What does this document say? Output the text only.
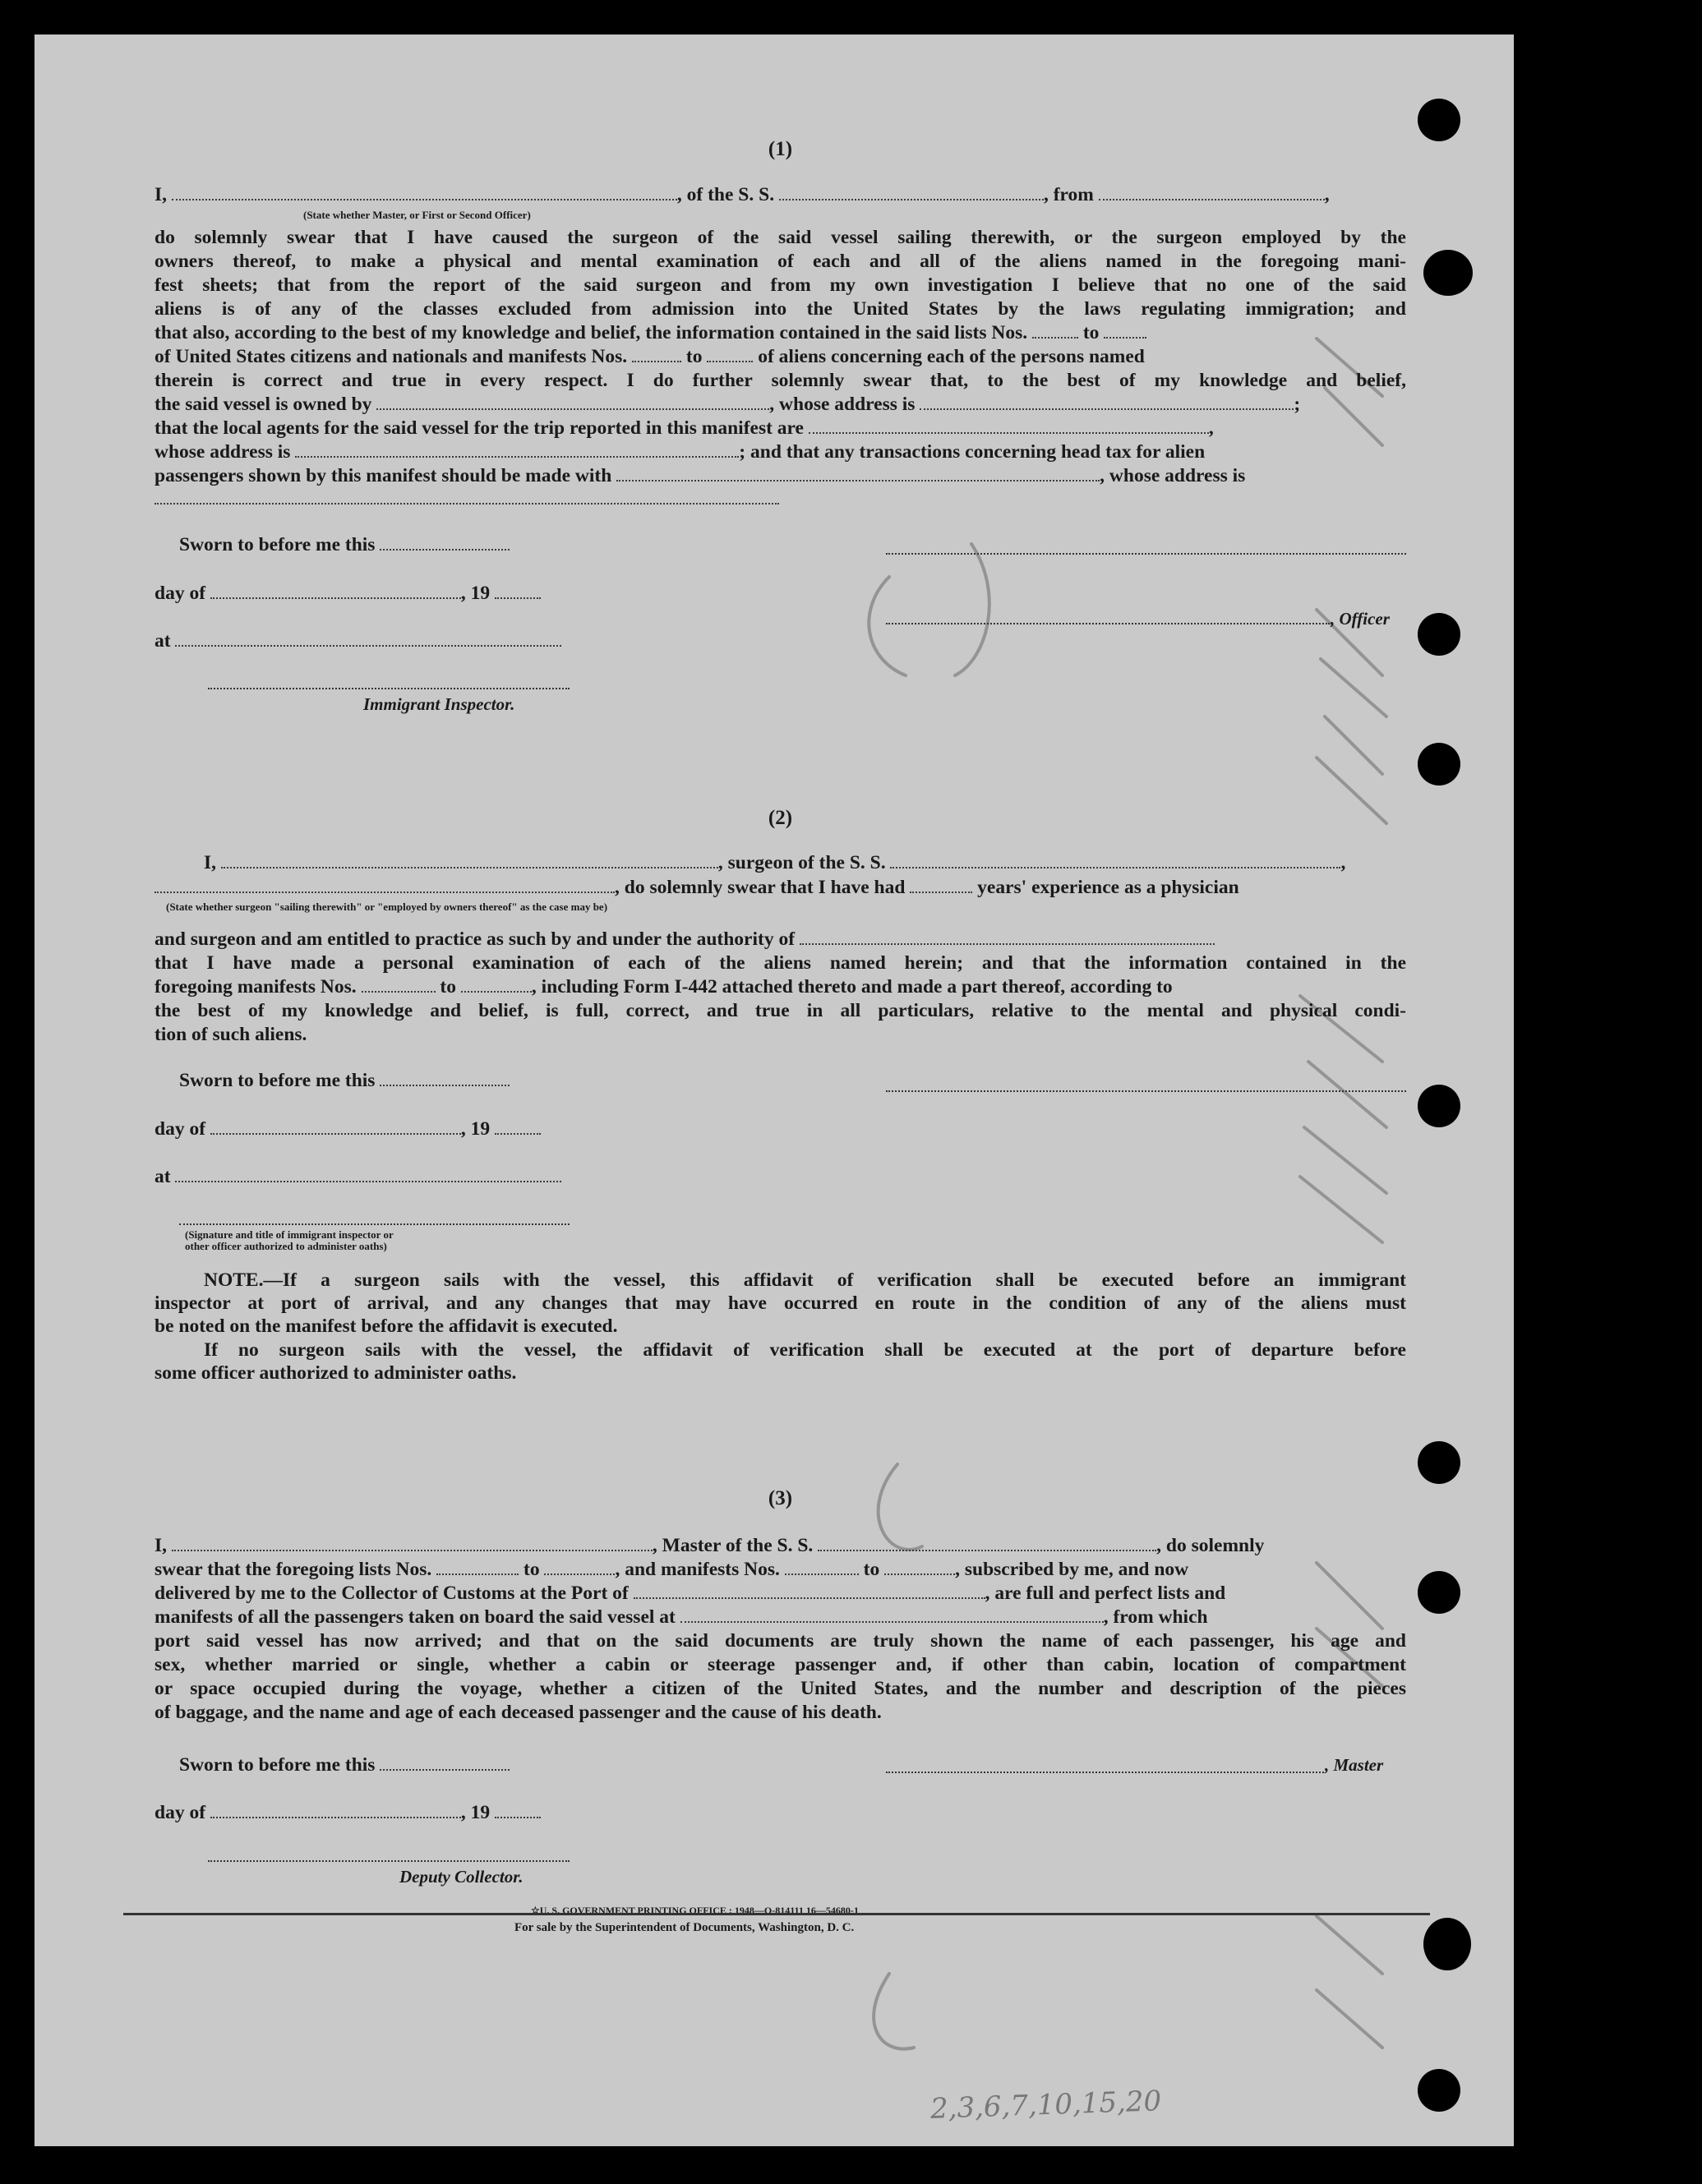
(1)
I,	, of the S. S.	, from	,
(State whether Master, or First or Second Officer)
do solemnly swear that I have caused the surgeon of the said vessel sailing therewith, or the surgeon employed by the
owners thereof, to make a physical and mental examination of each and all of the aliens named in the foregoing mani-
fest sheets; that from the report of the said surgeon and from my own investigation I believe that no one of the said
aliens is of any of the classes excluded from admission into the United States by the laws regulating immigration; and
that also, according to the best of my knowledge and belief, the information contained in the said lists Nos.	to
of United States citizens and nationals and manifests Nos.	to	of aliens concerning each of the persons named
therein is correct and true in every respect. I do further solemnly swear that, to the best of my knowledge and belief,
the said vessel is owned by	, whose address is	;
that the local agents for the said vessel for the trip reported in this manifest are	,
whose address is	; and that any transactions concerning head tax for alien
passengers shown by this manifest should be made with	, whose address is
Sworn to before me this
day of	, 19
, Officer
at
Immigrant Inspector.
(2)
I,	, surgeon of the S. S.	,
, do solemnly swear that I have had	years' experience as a physician
(State whether surgeon "sailing therewith" or "employed by owners thereof" as the case may be)
and surgeon and am entitled to practice as such by and under the authority of
that I have made a personal examination of each of the aliens named herein; and that the information contained in the
foregoing manifests Nos.	to	, including Form I-442 attached thereto and made a part thereof, according to
the best of my knowledge and belief, is full, correct, and true in all particulars, relative to the mental and physical condi-
tion of such aliens.
Sworn to before me this
day of	, 19
at
(Signature and title of immigrant inspector or
other officer authorized to administer oaths)
NOTE.—If a surgeon sails with the vessel, this affidavit of verification shall be executed before an immigrant
inspector at port of arrival, and any changes that may have occurred en route in the condition of any of the aliens must
be noted on the manifest before the affidavit is executed.
If no surgeon sails with the vessel, the affidavit of verification shall be executed at the port of departure before
some officer authorized to administer oaths.
(3)
I,	, Master of the S. S.	, do solemnly
swear that the foregoing lists Nos.	to	, and manifests Nos.	to	, subscribed by me, and now
delivered by me to the Collector of Customs at the Port of	, are full and perfect lists and
manifests of all the passengers taken on board the said vessel at	, from which
port said vessel has now arrived; and that on the said documents are truly shown the name of each passenger, his age and
sex, whether married or single, whether a cabin or steerage passenger and, if other than cabin, location of compartment
or space occupied during the voyage, whether a citizen of the United States, and the number and description of the pieces
of baggage, and the name and age of each deceased passenger and the cause of his death.
Sworn to before me this	, Master
day of	, 19
Deputy Collector.
☆U. S. GOVERNMENT PRINTING OFFICE : 1948—O-814111 16—54680-1
For sale by the Superintendent of Documents, Washington, D. C.
2,3,6,7,10,15,20
